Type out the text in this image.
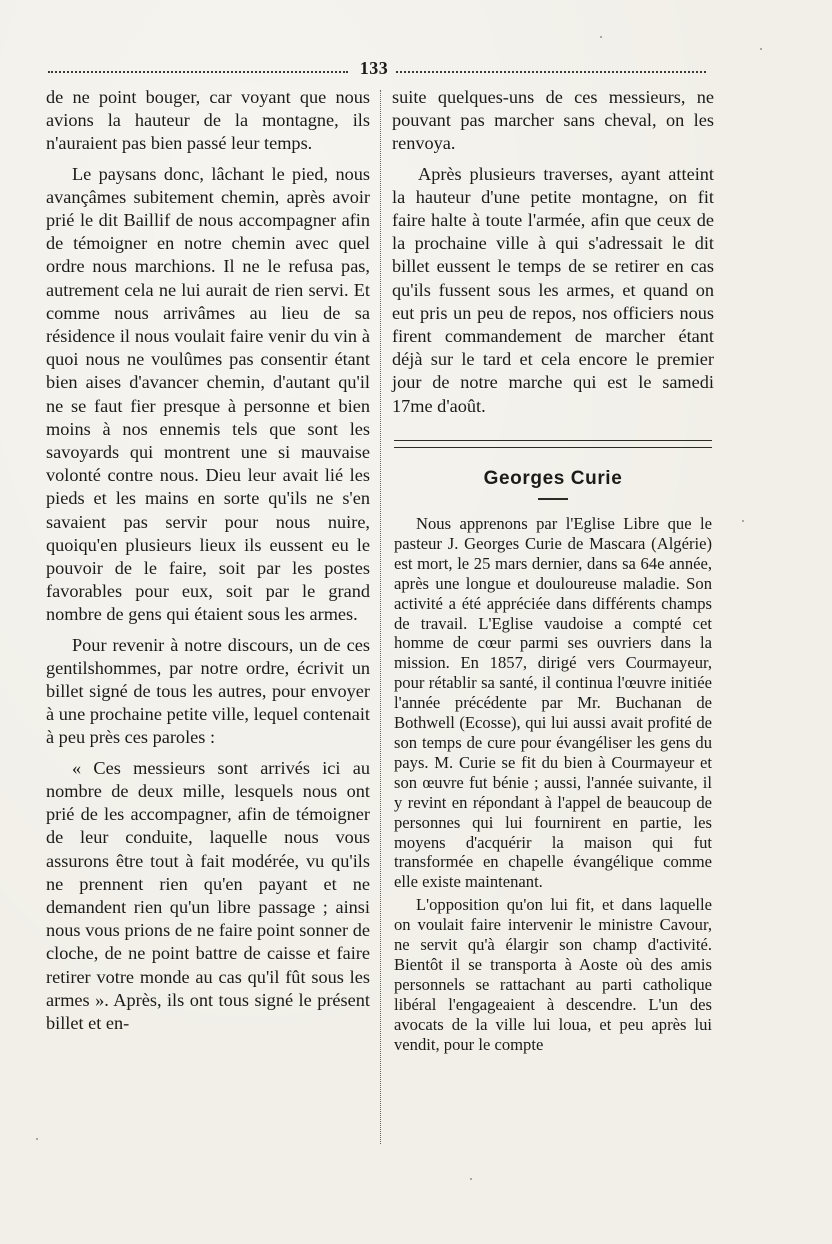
133

de ne point bouger, car voyant que nous avions la hauteur de la montagne, ils n'auraient pas bien passé leur temps.

Le paysans donc, lâchant le pied, nous avançâmes subitement chemin, après avoir prié le dit Baillif de nous accompagner afin de témoigner en notre chemin avec quel ordre nous marchions. Il ne le refusa pas, autrement cela ne lui aurait de rien servi. Et comme nous arrivâmes au lieu de sa résidence il nous voulait faire venir du vin à quoi nous ne voulûmes pas consentir étant bien aises d'avancer chemin, d'autant qu'il ne se faut fier presque à personne et bien moins à nos ennemis tels que sont les savoyards qui montrent une si mauvaise volonté contre nous. Dieu leur avait lié les pieds et les mains en sorte qu'ils ne s'en savaient pas servir pour nous nuire, quoiqu'en plusieurs lieux ils eussent eu le pouvoir de le faire, soit par les postes favorables pour eux, soit par le grand nombre de gens qui étaient sous les armes.

Pour revenir à notre discours, un de ces gentilshommes, par notre ordre, écrivit un billet signé de tous les autres, pour envoyer à une prochaine petite ville, lequel contenait à peu près ces paroles :

« Ces messieurs sont arrivés ici au nombre de deux mille, lesquels nous ont prié de les accompagner, afin de témoigner de leur conduite, laquelle nous vous assurons être tout à fait modérée, vu qu'ils ne prennent rien qu'en payant et ne demandent rien qu'un libre passage ; ainsi nous vous prions de ne faire point sonner de cloche, de ne point battre de caisse et faire retirer votre monde au cas qu'il fût sous les armes ». Après, ils ont tous signé le présent billet et en-

suite quelques-uns de ces messieurs, ne pouvant pas marcher sans cheval, on les renvoya.

Après plusieurs traverses, ayant atteint la hauteur d'une petite montagne, on fit faire halte à toute l'armée, afin que ceux de la prochaine ville à qui s'adressait le dit billet eussent le temps de se retirer en cas qu'ils fussent sous les armes, et quand on eut pris un peu de repos, nos officiers nous firent commandement de marcher étant déjà sur le tard et cela encore le premier jour de notre marche qui est le samedi 17me d'août.

Georges Curie

Nous apprenons par l'Eglise Libre que le pasteur J. Georges Curie de Mascara (Algérie) est mort, le 25 mars dernier, dans sa 64e année, après une longue et douloureuse maladie. Son activité a été appréciée dans différents champs de travail. L'Eglise vaudoise a compté cet homme de cœur parmi ses ouvriers dans la mission. En 1857, dirigé vers Courmayeur, pour rétablir sa santé, il continua l'œuvre initiée l'année précédente par Mr. Buchanan de Bothwell (Ecosse), qui lui aussi avait profité de son temps de cure pour évangéliser les gens du pays. M. Curie se fit du bien à Courmayeur et son œuvre fut bénie ; aussi, l'année suivante, il y revint en répondant à l'appel de beaucoup de personnes qui lui fournirent en partie, les moyens d'acquérir la maison qui fut transformée en chapelle évangélique comme elle existe maintenant.

L'opposition qu'on lui fit, et dans laquelle on voulait faire intervenir le ministre Cavour, ne servit qu'à élargir son champ d'activité. Bientôt il se transporta à Aoste où des amis personnels se rattachant au parti catholique libéral l'engageaient à descendre. L'un des avocats de la ville lui loua, et peu après lui vendit, pour le compte
